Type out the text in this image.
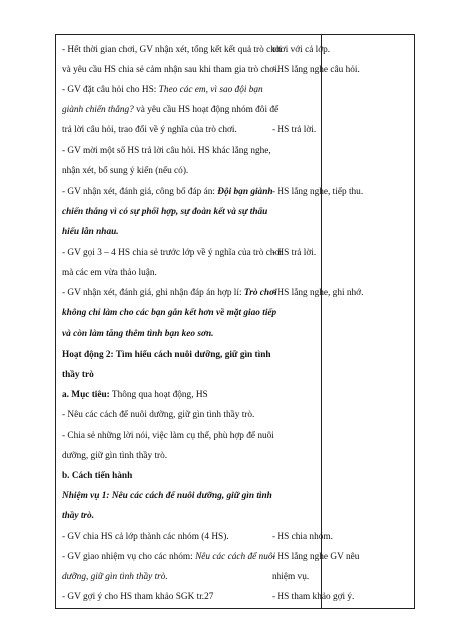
- Hết thời gian chơi, GV nhận xét, tổng kết kết quả trò chơi
và yêu cầu HS chia sẻ cảm nhận sau khi tham gia trò chơi.
- GV đặt câu hỏi cho HS: Theo các em, vì sao đội bạn
giành chiến thắng? và yêu cầu HS hoạt động nhóm đôi để
trả lời câu hỏi, trao đổi về ý nghĩa của trò chơi.
- GV mời một số HS trả lời câu hỏi. HS khác lắng nghe,
nhận xét, bổ sung ý kiến (nếu có).
- GV nhận xét, đánh giá, công bố đáp án: Đội bạn giành
chiến thắng vì có sự phối hợp, sự đoàn kết và sự thấu
hiểu lẫn nhau.
- GV gọi 3 – 4 HS chia sẻ trước lớp về ý nghĩa của trò chơi
mà các em vừa thảo luận.
- GV nhận xét, đánh giá, ghi nhận đáp án hợp lí: Trò chơi
không chỉ làm cho các bạn gắn kết hơn về mặt giao tiếp
và còn làm tăng thêm tình bạn keo sơn.
Hoạt động 2: Tìm hiểu cách nuôi dưỡng, giữ gìn tình
thầy trò
a. Mục tiêu: Thông qua hoạt động, HS
- Nêu các cách để nuôi dưỡng, giữ gìn tình thầy trò.
- Chia sẻ những lời nói, việc làm cụ thể, phù hợp để nuôi
dưỡng, giữ gìn tình thầy trò.
b. Cách tiến hành
Nhiệm vụ 1: Nêu các cách để nuôi dưỡng, giữ gìn tình
thầy trò.
- GV chia HS cả lớp thành các nhóm (4 HS).
- GV giao nhiệm vụ cho các nhóm: Nêu các cách để nuôi
dưỡng, giữ gìn tình thầy trò.
- GV gợi ý cho HS tham khảo SGK tr.27
chơi với cả lớp.
- HS lắng nghe câu hỏi.
- HS trả lời.
- HS lắng nghe, tiếp thu.
- HS trả lời.
- HS lắng nghe, ghi nhớ.
- HS chia nhóm.
- HS lắng nghe GV nêu
nhiệm vụ.
- HS tham khảo gợi ý.
